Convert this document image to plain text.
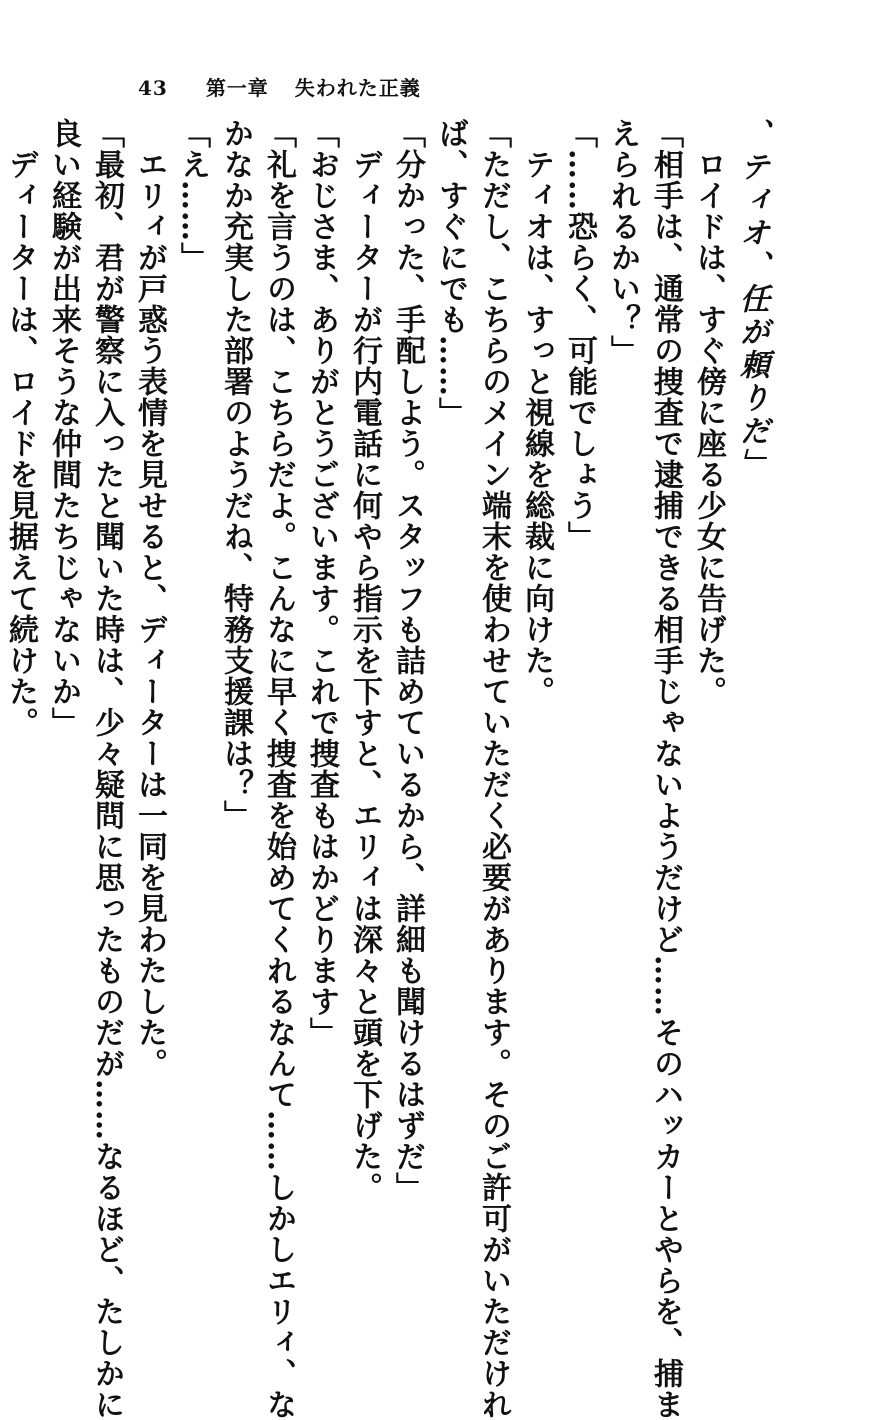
43 第一章 失われた正義
、ティオ、任が頼りだ」
　ロイドは、すぐ傍に座る少女に告げた。
「相手は、通常の捜査で逮捕できる相手じゃないようだけど……そのハッカーとやらを、捕ま
えられるかい？」
「……恐らく、可能でしょう」
　ティオは、すっと視線を総裁に向けた。
「ただし、こちらのメイン端末を使わせていただく必要があります。そのご許可がいただけれ
ば、すぐにでも……」
「分かった、手配しよう。スタッフも詰めているから、詳細も聞けるはずだ」
　ディーターが行内電話に何やら指示を下すと、エリィは深々と頭を下げた。
「おじさま、ありがとうございます。これで捜査もはかどります」
「礼を言うのは、こちらだよ。こんなに早く捜査を始めてくれるなんて……しかしエリィ、な
かなか充実した部署のようだね、特務支援課は？」
「え……」
　エリィが戸惑う表情を見せると、ディーターは一同を見わたした。
「最初、君が警察に入ったと聞いた時は、少々疑問に思ったものだが……なるほど、たしかに
良い経験が出来そうな仲間たちじゃないか」
　ディーターは、ロイドを見据えて続けた。
